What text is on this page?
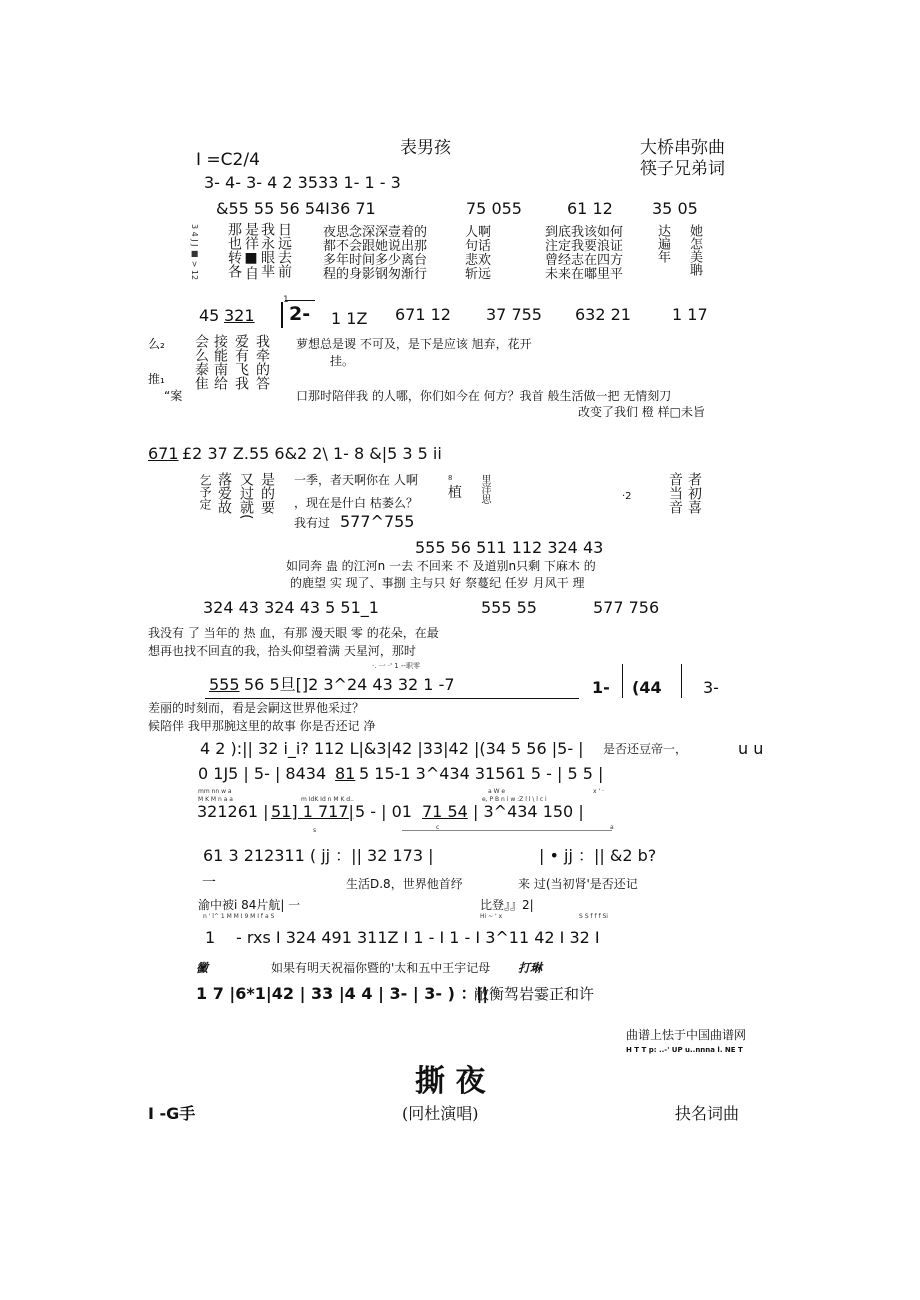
表男孩
I =C2/4
大桥串弥曲
筷子兄弟词
3- 4- 3- 4 2 3533 1- 1 - 3
&55 55 56 54I36 71	75 055	61 12 35 05
3 4 J J ■ > 12 那也转各 是徉■自 我永眼芈 日远去前 夜思念深深壹着的
都不会跟她说出那
多年时间多少离台
程的身影钢匆渐行
人啊
句话
悲欢
斩远
到底我该如何
注定我要浪证
曾经志在四方
未来在嘟里平
达遍年 她怎美聃
45 321
1
2- 1 1Z 671 12 37 755 632 21	1 17
么₂
推₁
“案
会么泰隹 接能南给 爱有飞我 我牵的答 萝想总是谡 不可及，是下是应该 旭弃，花开
挂。
口那时陪伴我 的人哪，你们如今在 何方？我首 般生活做一把 无情刻刀
改变了我们 橙 样□未旨
671 £2 37 Z.55 6&2 2\ 1- 8 &|5 3 5 ii
乞予定 落爱故 又过就( 是的要 一季，者天啊你在 人啊
，现在是什白 枯萎么？
8
植	里洋思	·2	音当音 者初喜
我有过 577^755
555 56 511 112 324 43
如同奔 蛊 的江河n 一去 不回来 不 及道别n只剩 下麻木 的
的鹿望 实 现了、事捌 主与只 好 祭蔓纪 任岁 月风干 理
324 43 324 43 5 51_1	555 55	577 756
我没有 了 当年的 热 血，有那 漫天眼 零 的花朵，在最
想再也找不回直的我，拾头仰望着满 天星河，那时
·. 一 ·' 1 --职零
555 56 5旦[]2 3^24 43 32 1 -7	1- (44	3-
差丽的时刻而，看是会嗣这世界他采过？
候陪伴 我甲那腕这里的故事 你是否还记 净
4 2 ):|| 32 i_i? 112 L|&3|42 |33|42 |(34 5 56 |5- | 是否还豆帝一，	u u
0 1J5 | 5- | 8434 81 5 15-1 3^434 31561 5 - | 5 5 |
mm nn w a
M K M n a a	m IdK Id n M K d..
a W e
e, P B n i w :Z l l \ l c i
x ' ·
321261 | 51] 1 717| 5 - | 01 71 54 | 3^434 150 |
s	c	a
61 3 212311 ( jj ：|| 32 173 |	| • jj ：|| &2 b?
一	生活D.8，世界他首纾	来 过(当初肾'是否还记
渝中被i 84片航| 一	比登』』2|
n ' l^ 1 M M I 9 M I f a S	Hi ~ ' x	S S f f f Si
1 - rxs I 324 491 311Z I 1 - I 1 - I 3^11 42 I 32 I
黴	如果有明天祝福你暨的'太和五中王宇记母 打琳
1 7 |6*1|42 | 33 |4 4 | 3- | 3- ) ：||
敝衡驾岩霎正和许
曲谱上怯于中国曲谱网
H T T p: ..-' UP u..nnna l. NE T
撕 夜
I -G手	(冋杜演唱)	抉名词曲
